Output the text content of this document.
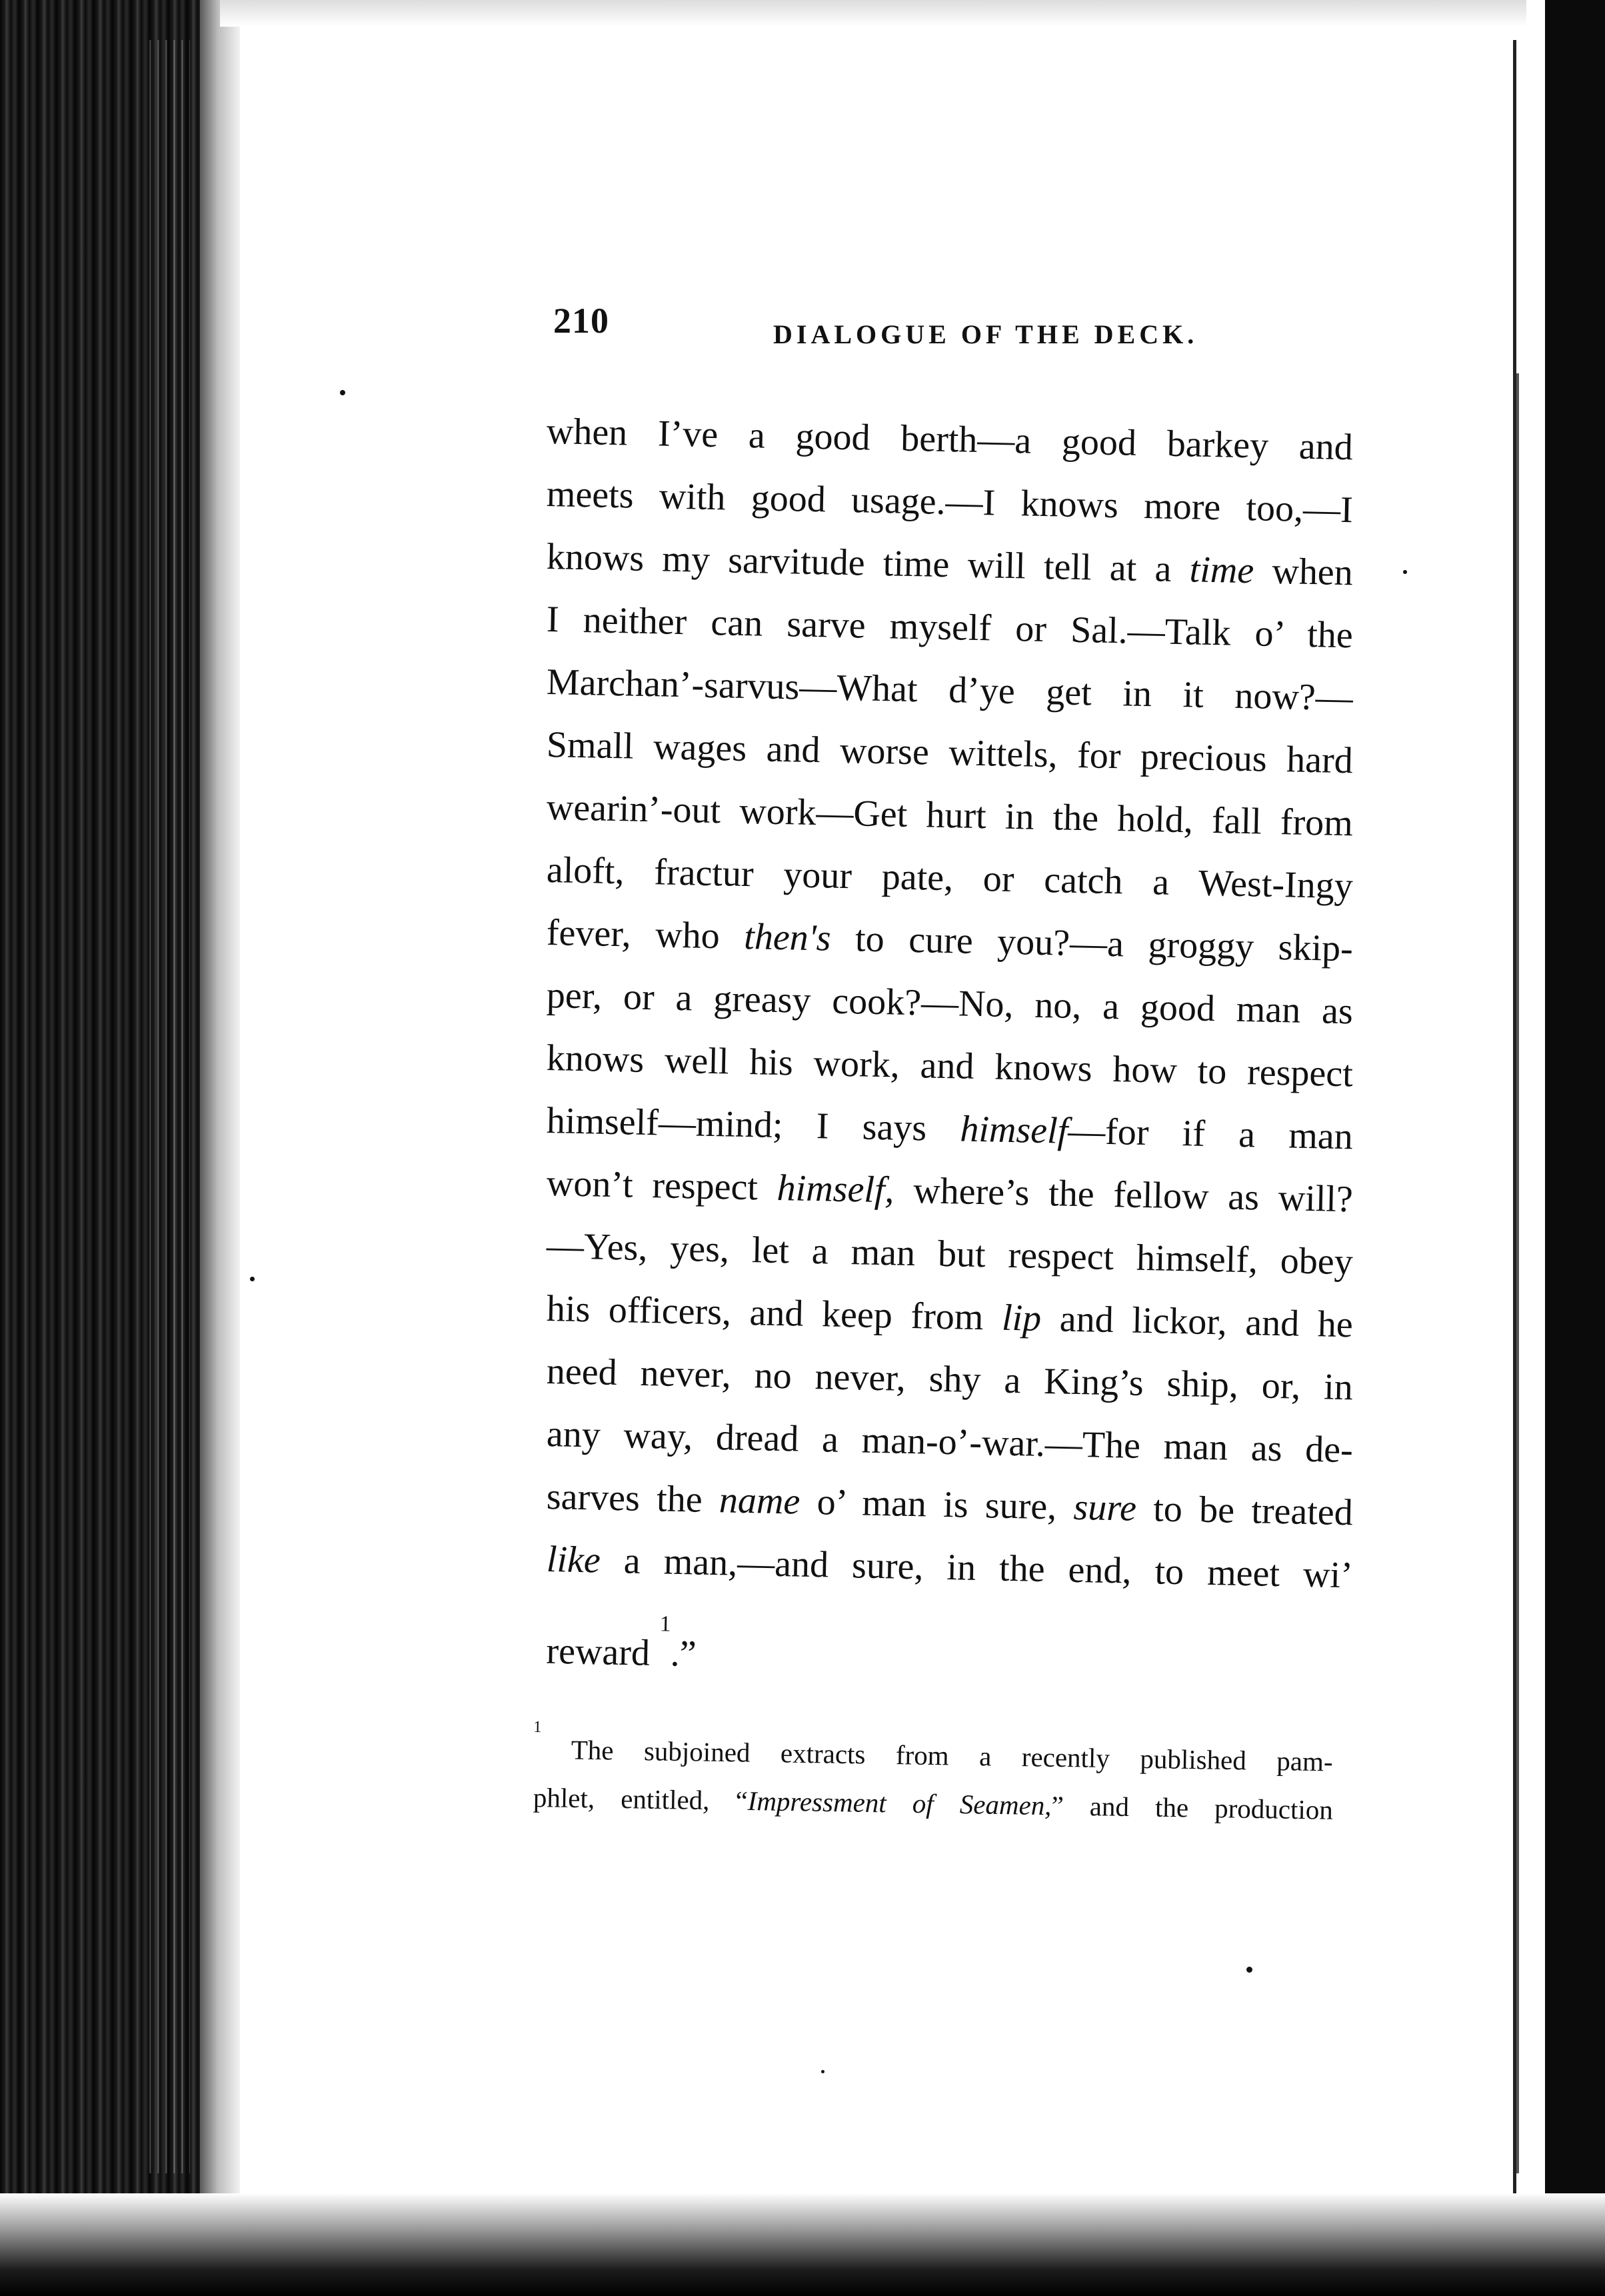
210	DIALOGUE OF THE DECK.
when I’ve a good berth—a good barkey and
meets with good usage.—I knows more too,—I
knows my sarvitude time will tell at a time when
I neither can sarve myself or Sal.—Talk o’ the
Marchan’-sarvus—What d’ye get in it now?—
Small wages and worse wittels, for precious hard
wearin’-out work—Get hurt in the hold, fall from
aloft, fractur your pate, or catch a West-Ingy
fever, who then's to cure you?—a groggy skip-
per, or a greasy cook?—No, no, a good man as
knows well his work, and knows how to respect
himself—mind; I says himself—for if a man
won’t respect himself, where’s the fellow as will?
—Yes, yes, let a man but respect himself, obey
his officers, and keep from lip and lickor, and he
need never, no never, shy a King’s ship, or, in
any way, dread a man-o’-war.—The man as de-
sarves the name o’ man is sure, sure to be treated
like a man,—and sure, in the end, to meet wi’
reward $^1$.”
$^1$ The subjoined extracts from a recently published pam-
phlet, entitled, “Impressment of Seamen,” and the production
